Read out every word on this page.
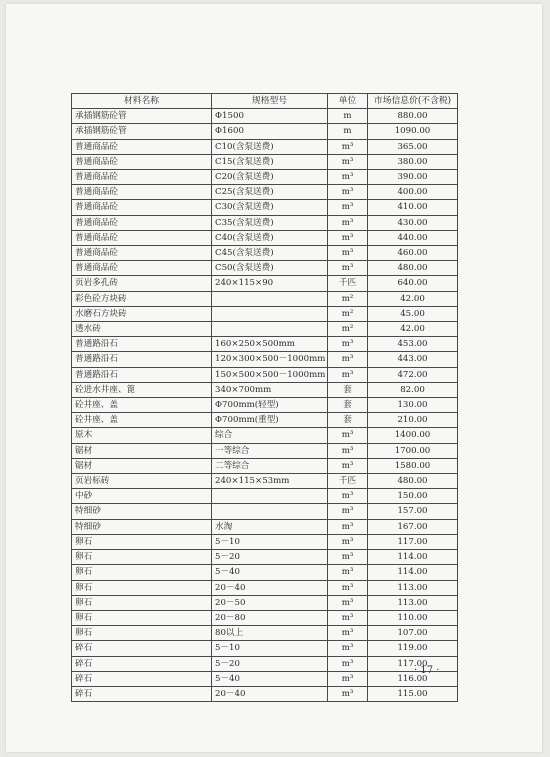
材料名称	规格型号	单位	市场信息价(不含税)
承插钢筋砼管	Φ1500	m	880.00
承插钢筋砼管	Φ1600	m	1090.00
普通商品砼	C10(含泵送费)	m³	365.00
普通商品砼	C15(含泵送费)	m³	380.00
普通商品砼	C20(含泵送费)	m³	390.00
普通商品砼	C25(含泵送费)	m³	400.00
普通商品砼	C30(含泵送费)	m³	410.00
普通商品砼	C35(含泵送费)	m³	430.00
普通商品砼	C40(含泵送费)	m³	440.00
普通商品砼	C45(含泵送费)	m³	460.00
普通商品砼	C50(含泵送费)	m³	480.00
页岩多孔砖	240×115×90	千匹	640.00
彩色砼方块砖		m²	42.00
水磨石方块砖		m²	45.00
透水砖		m²	42.00
普通路沿石	160×250×500mm	m³	453.00
普通路沿石	120×300×500－1000mm	m³	443.00
普通路沿石	150×500×500－1000mm	m³	472.00
砼进水井座、篦	340×700mm	套	82.00
砼井座、盖	Φ700mm(轻型)	套	130.00
砼井座、盖	Φ700mm(重型)	套	210.00
原木	综合	m³	1400.00
锯材	一等综合	m³	1700.00
锯材	二等综合	m³	1580.00
页岩标砖	240×115×53mm	千匹	480.00
中砂		m³	150.00
特细砂		m³	157.00
特细砂	水淘	m³	167.00
卵石	5－10	m³	117.00
卵石	5－20	m³	114.00
卵石	5－40	m³	114.00
卵石	20－40	m³	113.00
卵石	20－50	m³	113.00
卵石	20－80	m³	110.00
卵石	80以上	m³	107.00
碎石	5－10	m³	119.00
碎石	5－20	m³	117.00
碎石	5－40	m³	116.00
碎石	20－40	m³	115.00
· 17 ·
